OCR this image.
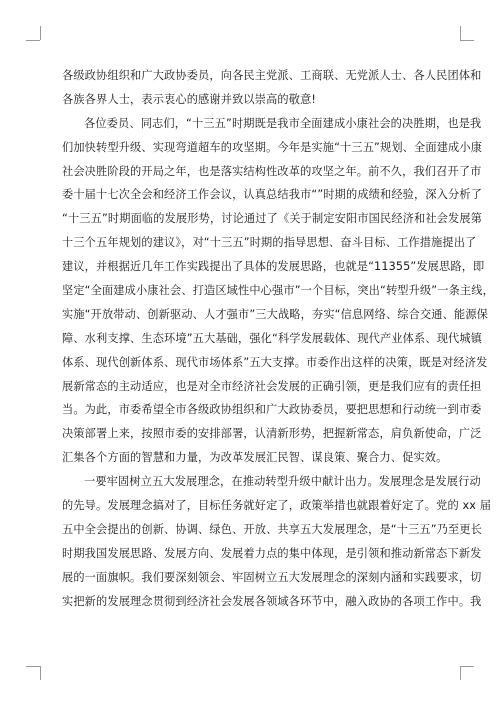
各级政协组织和广大政协委员，向各民主党派、工商联、无党派人士、各人民团体和
各族各界人士，表示衷心的感谢并致以崇高的敬意!
各位委员、同志们，“十三五”时期既是我市全面建成小康社会的决胜期，也是我
们加快转型升级、实现弯道超车的攻坚期。今年是实施“十三五”规划、全面建成小康
社会决胜阶段的开局之年，也是落实结构性改革的攻坚之年。前不久，我们召开了市
委十届十七次全会和经济工作会议，认真总结我市“”时期的成绩和经验，深入分析了
“十三五”时期面临的发展形势，讨论通过了《关于制定安阳市国民经济和社会发展第
十三个五年规划的建议》，对“十三五”时期的指导思想、奋斗目标、工作措施提出了
建议，并根据近几年工作实践提出了具体的发展思路，也就是“11355”发展思路，即
坚定“全面建成小康社会、打造区域性中心强市”一个目标，突出“转型升级”一条主线，
实施“开放带动、创新驱动、人才强市”三大战略，夯实“信息网络、综合交通、能源保
障、水利支撑、生态环境”五大基础，强化“科学发展载体、现代产业体系、现代城镇
体系、现代创新体系、现代市场体系”五大支撑。市委作出这样的决策，既是对经济发
展新常态的主动适应，也是对全市经济社会发展的正确引领，更是我们应有的责任担
当。为此，市委希望全市各级政协组织和广大政协委员，要把思想和行动统一到市委
决策部署上来，按照市委的安排部署，认清新形势，把握新常态，肩负新使命，广泛
汇集各个方面的智慧和力量，为改革发展汇民智、谋良策、聚合力、促实效。
一要牢固树立五大发展理念，在推动转型升级中献计出力。发展理念是发展行动
的先导。发展理念搞对了，目标任务就好定了，政策举措也就跟着好定了。党的 xx 届
五中全会提出的创新、协调、绿色、开放、共享五大发展理念，是“十三五”乃至更长
时期我国发展思路、发展方向、发展着力点的集中体现，是引领和推动新常态下新发
展的一面旗帜。我们要深刻领会、牢固树立五大发展理念的深刻内涵和实践要求，切
实把新的发展理念贯彻到经济社会发展各领域各环节中，融入政协的各项工作中。我
